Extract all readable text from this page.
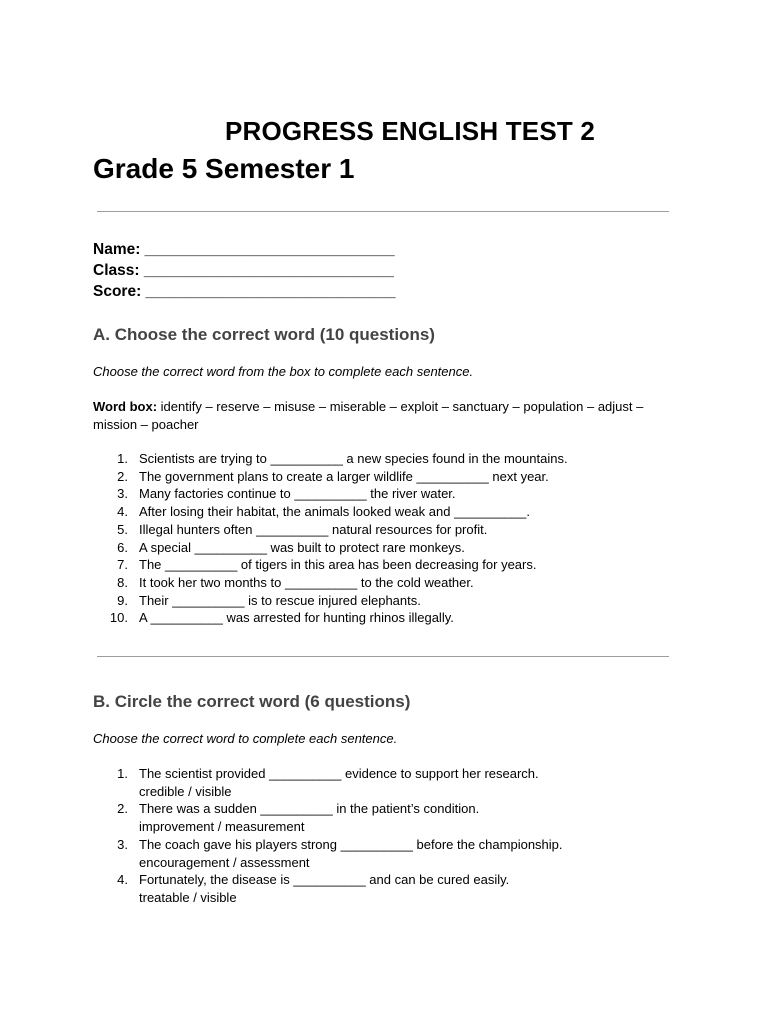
PROGRESS ENGLISH TEST 2
Grade 5 Semester 1
Name: _____________________________
Class: _____________________________
Score: _____________________________
A. Choose the correct word (10 questions)
Choose the correct word from the box to complete each sentence.
Word box: identify – reserve – misuse – miserable – exploit – sanctuary – population – adjust – mission – poacher
1. Scientists are trying to __________ a new species found in the mountains.
2. The government plans to create a larger wildlife __________ next year.
3. Many factories continue to __________ the river water.
4. After losing their habitat, the animals looked weak and __________.
5. Illegal hunters often __________ natural resources for profit.
6. A special __________ was built to protect rare monkeys.
7. The __________ of tigers in this area has been decreasing for years.
8. It took her two months to __________ to the cold weather.
9. Their __________ is to rescue injured elephants.
10. A __________ was arrested for hunting rhinos illegally.
B. Circle the correct word (6 questions)
Choose the correct word to complete each sentence.
1. The scientist provided __________ evidence to support her research.
credible / visible
2. There was a sudden __________ in the patient’s condition.
improvement / measurement
3. The coach gave his players strong __________ before the championship.
encouragement / assessment
4. Fortunately, the disease is __________ and can be cured easily.
treatable / visible
